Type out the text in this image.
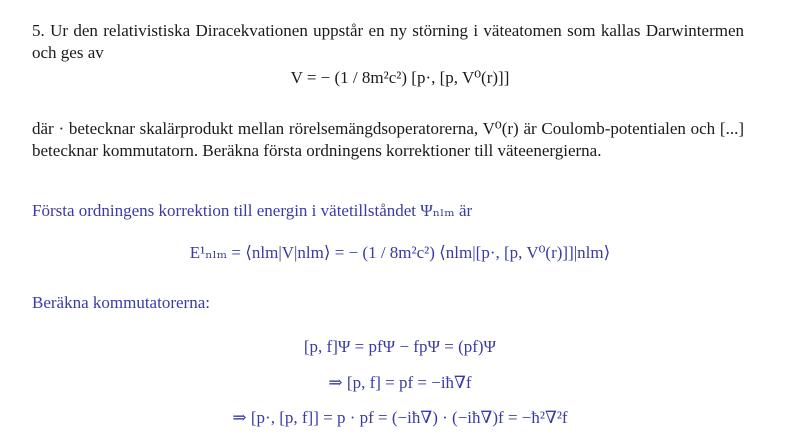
5. Ur den relativistiska Diracekvationen uppstår en ny störning i väteatomen som kallas Darwintermen och ges av

V = − (1 / 8m²c²) [p·, [p, V⁰(r)]]

där · betecknar skalärprodukt mellan rörelsemängdsoperatorerna, V⁰(r) är Coulomb-potentialen och [...] betecknar kommutatorn. Beräkna första ordningens korrektioner till väteenergierna.

Första ordningens korrektion till energin i vätetillståndet Ψₙₗₘ är

E¹ₙₗₘ = ⟨nlm|V|nlm⟩ = − (1 / 8m²c²) ⟨nlm|[p·, [p, V⁰(r)]]|nlm⟩

Beräkna kommutatorerna:

[p, f]Ψ = pfΨ − fpΨ = (pf)Ψ
⇒ [p, f] = pf = −iħ∇f
⇒ [p·, [p, f]] = p · pf = (−iħ∇) · (−iħ∇)f = −ħ²∇²f
